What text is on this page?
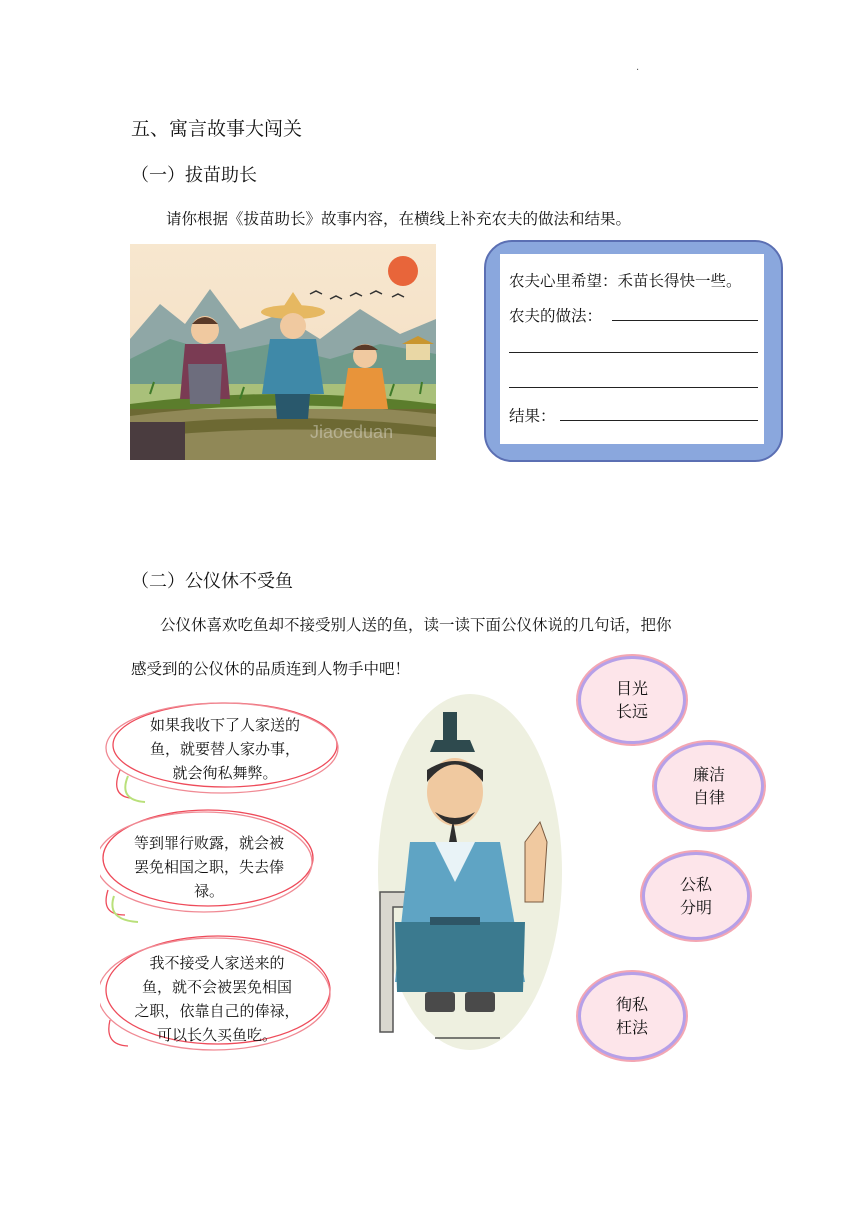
.
五、寓言故事大闯关
（一）拔苗助长
请你根据《拔苗助长》故事内容，在横线上补充农夫的做法和结果。
Jiaoeduan
农夫心里希望：禾苗长得快一些。
农夫的做法：
结果：
（二）公仪休不受鱼
公仪休喜欢吃鱼却不接受别人送的鱼，读一读下面公仪休说的几句话，把你
感受到的公仪休的品质连到人物手中吧！
如果我收下了人家送的
鱼，就要替人家办事，
就会徇私舞弊。
等到罪行败露，就会被
罢免相国之职，失去俸
禄。
我不接受人家送来的
鱼，就不会被罢免相国
之职，依靠自己的俸禄，
可以长久买鱼吃。
目光
长远
廉洁
自律
公私
分明
徇私
枉法
